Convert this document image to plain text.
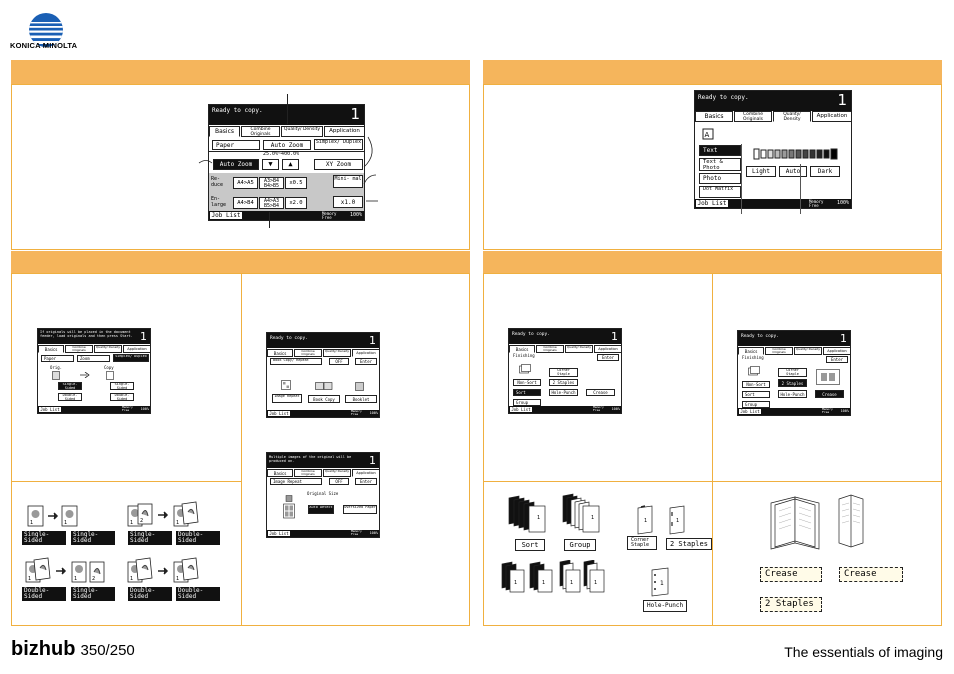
KONICA MINOLTA
Ready to copy.	1
Basics	Combine Originals
Quality/ Density	Application
Paper	Auto Zoom	Simplex/ Duplex
Auto Zoom
25.0%~400.0%
▼	▲	XY Zoom
Re- duce	A4>A5	A3>B4 B4>B5	x0.5
Mini- mal
En- large	A4>B4	A4>A3 B5>B4	x2.0	x1.0
Job List	Memory Free	100%
Ready to copy.	1
Basics	Combine Originals
Quality/ Density	Application
A
Text
Text & Photo
Photo
Dot Matrix
Light	Auto	Dark
Job List	Memory Free	100%
If originals will be placed in the document feeder, load originals and then press Start. 1
Basics	Combine Originals
Quality/ Density	Application
Paper	Zoom	Simplex/ Duplex
Orig.	Copy
Single- Sided
Double- Sided
Single- Sided
Double- Sided
Job List	Memory Free	100%
1	1
Single- Sided
Single- Sided
1 2	1
Single- Sided
Double- Sided
1	1	2
Double- Sided
Single- Sided
1	1
Double- Sided
Double- Sided
Ready to copy.	1
Basics	Combine Originals
Quality/ Density	Application
Book Copy/ Repeat	OFF	Enter
Image Repeat
Book Copy	Booklet
Job List	Memory Free	100%
Multiple images of the original will be produced on.	1
Basics	Combine Originals
Quality/ Density	Application
Image Repeat	OFF	Enter
Original Size
Auto Detect	Oversized Paper
Job List	Memory Free	100%
Ready to copy.	1
Basics	Combine Originals
Quality/ Density	Application
Finishing	Enter
Corner Staple
Non-Sort	2 Staples
Sort	Hole-Punch	Crease
Group
Job List	Memory Free	100%
Ready to copy.	1
Basics	Combine Originals
Quality/ Density	Application
Finishing	Enter
Corner Staple
Non-Sort	2 Staples
Sort	Hole-Punch	Crease
Group
Job List	Memory Free	100%
1	1
Sort	Group
1	1
Corner Staple	2 Staples
1	1	1	1	1
Hole-Punch
Crease	Crease
2 Staples
bizhub 350/250	The essentials of imaging
